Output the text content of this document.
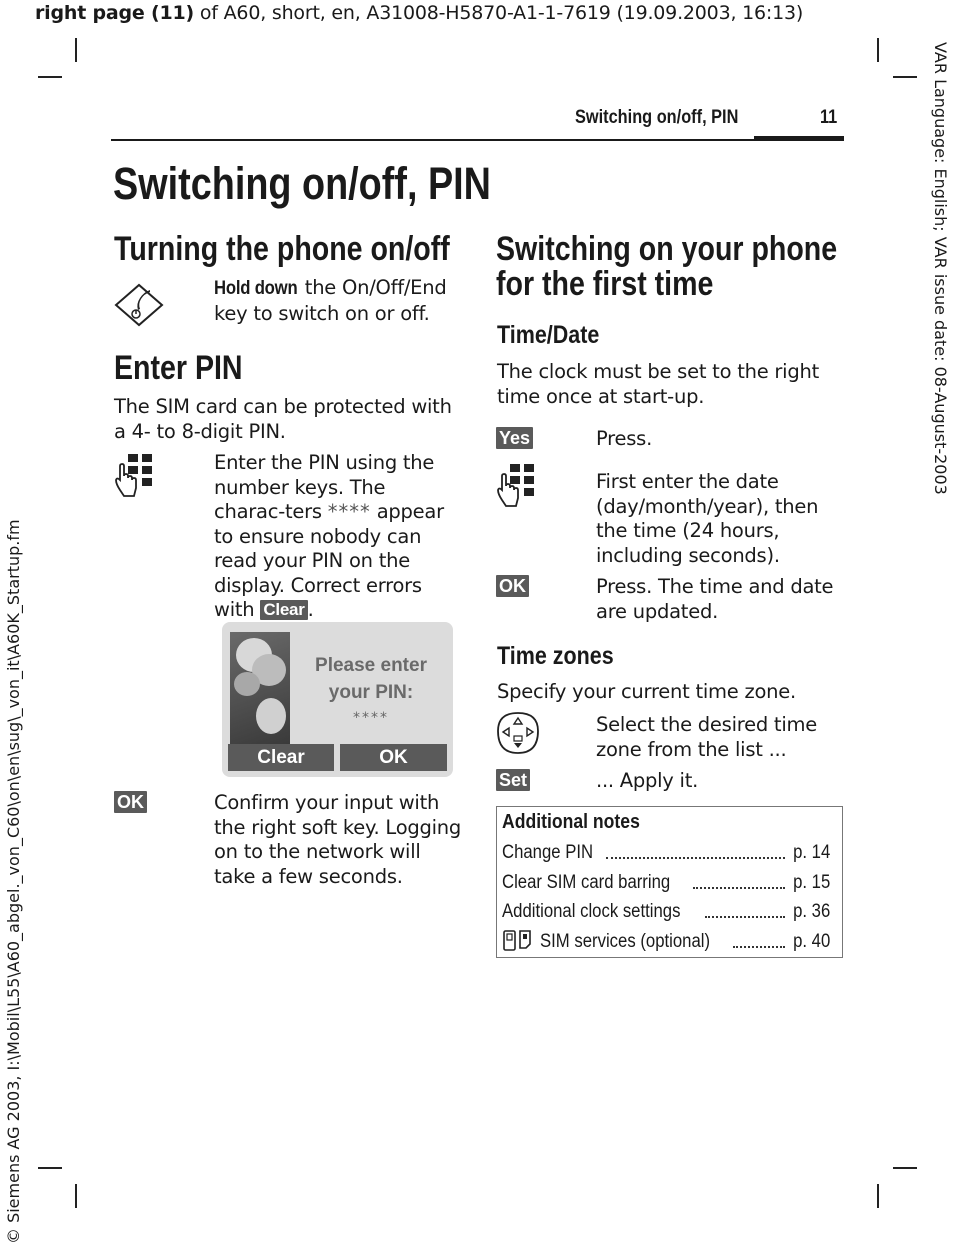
right page (11) of A60, short, en, A31008-H5870-A1-1-7619 (19.09.2003, 16:13)
VAR Language: English; VAR issue date: 08-August-2003
© Siemens AG 2003, I:\Mobil\L55\A60_abgel._von_C60\on\en\sug\_von_it\A60K_Startup.fm
Switching on/off, PIN	11
Switching on/off, PIN
Turning the phone on/off
Hold down the On/Off/End key to switch on or off.
Enter PIN
The SIM card can be protected with a 4- to 8-digit PIN.
Enter the PIN using the number keys. The charac-ters **** appear to ensure nobody can read your PIN on the display. Correct errors with Clear .
Please enter your PIN:
****
Clear	OK
OK	Confirm your input with the right soft key. Logging on to the network will take a few seconds.
Switching on your phone
for the first time
Time/Date
The clock must be set to the right time once at start-up.
Yes	Press.
First enter the date (day/month/year), then the time (24 hours, including seconds).
OK	Press. The time and date are updated.
Time zones
Specify your current time zone.
Select the desired time zone from the list ...
Set	... Apply it.
Additional notes
Change PIN	p. 14
Clear SIM card barring	p. 15
Additional clock settings	p. 36
SIM services (optional)	p. 40
